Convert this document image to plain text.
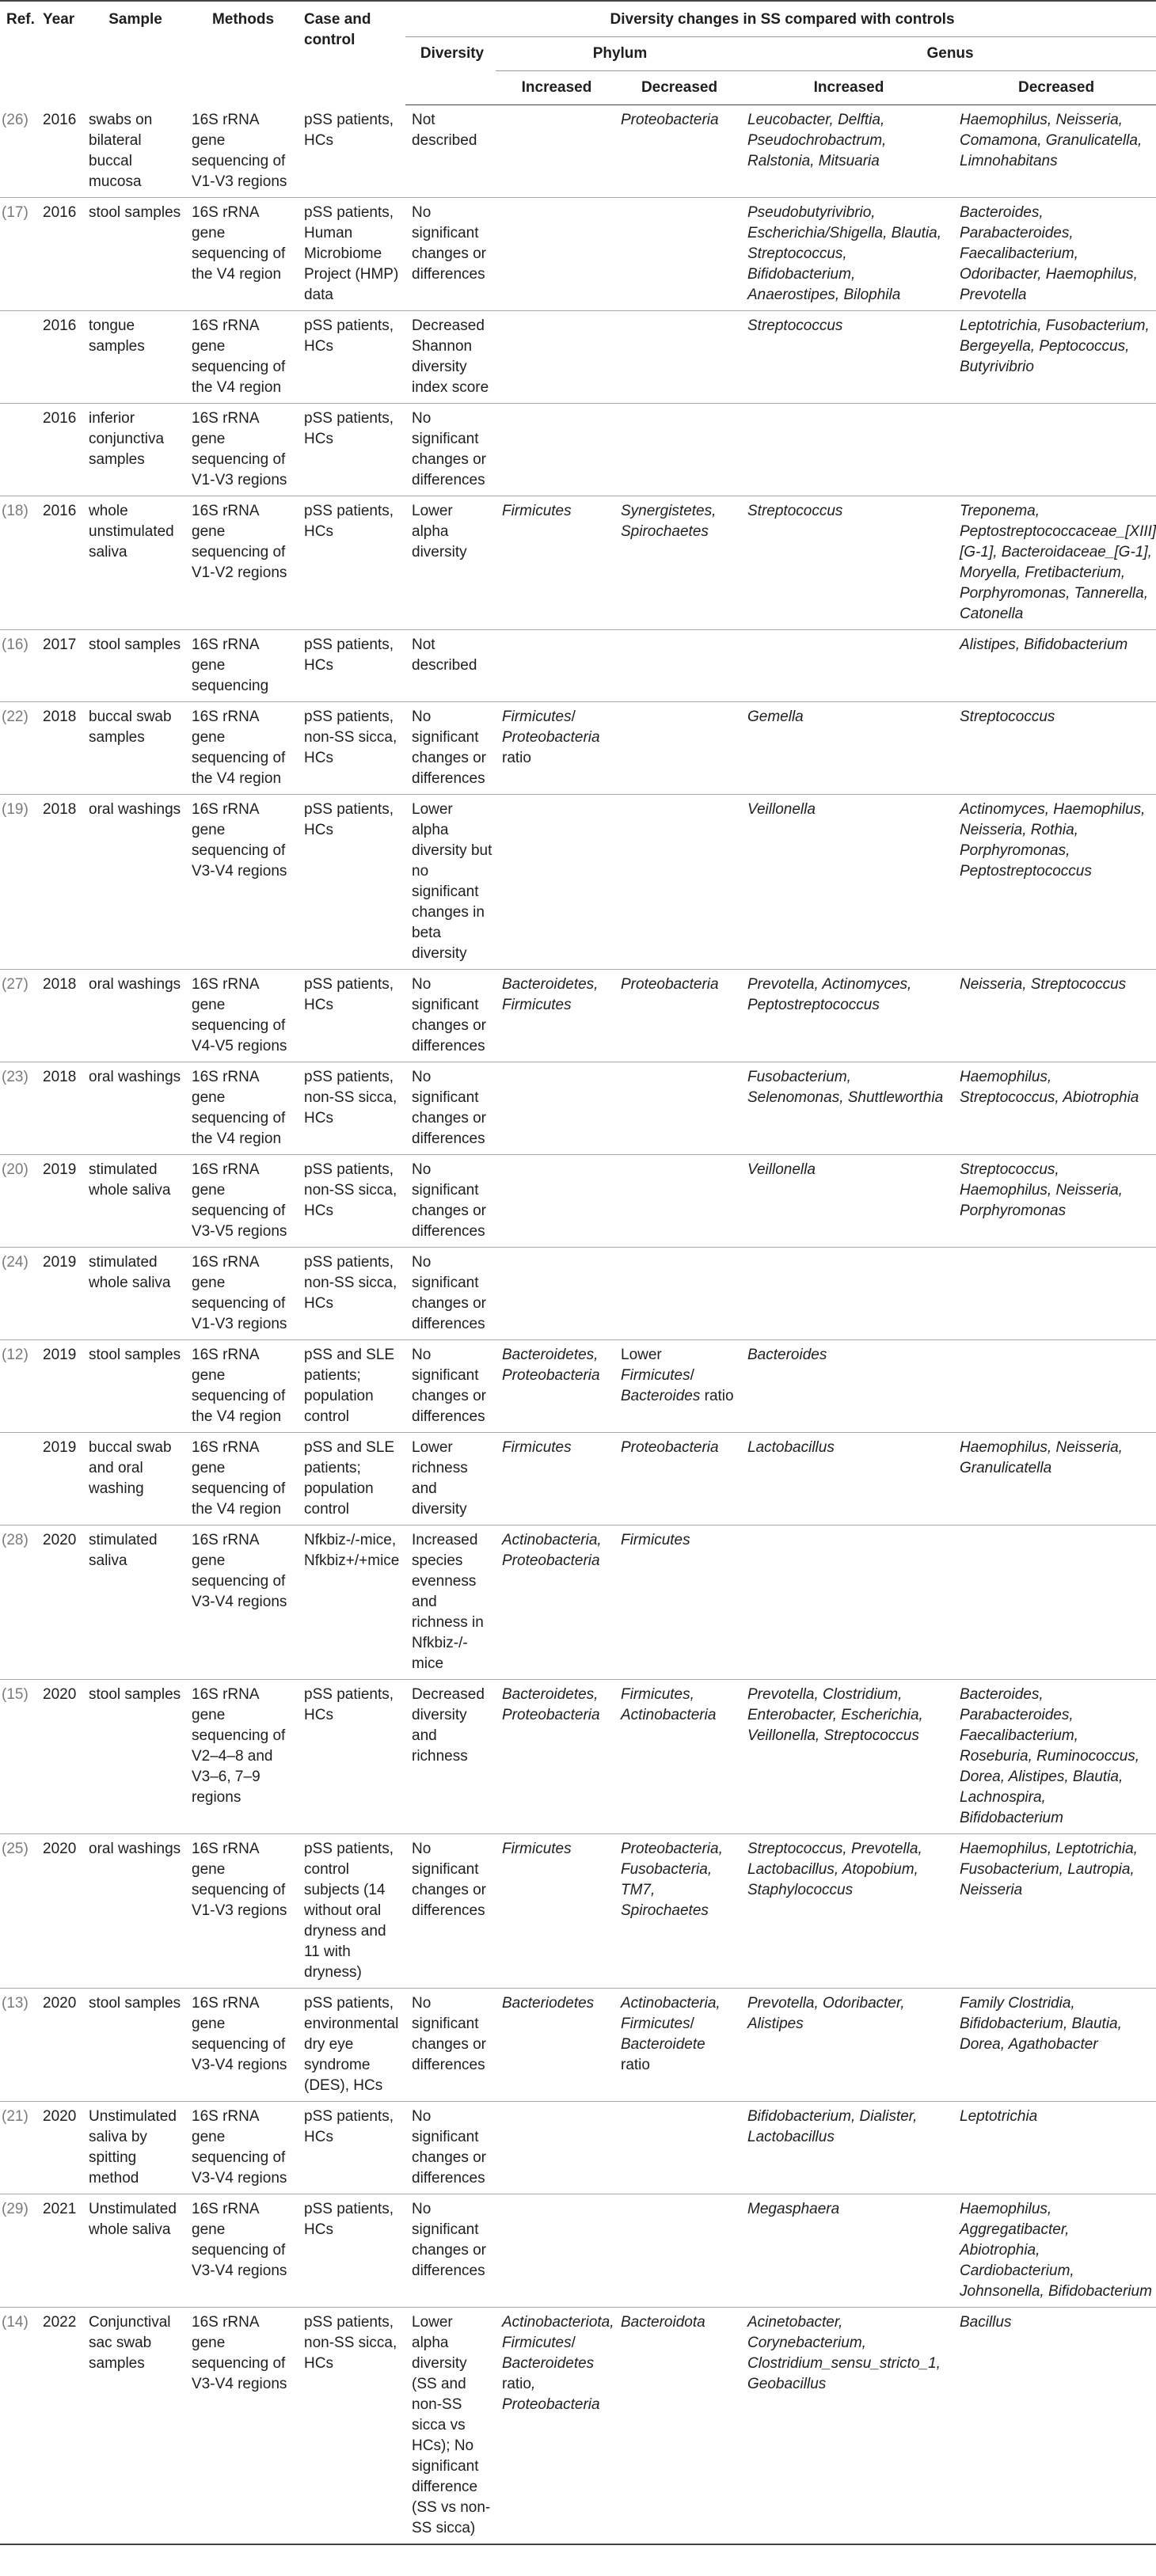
Ref.	Year	Sample	Methods	Case and control	Diversity changes in SS compared with controls				
					Diversity	Phylum		Genus	
						Increased	Decreased	Increased	Decreased
(26)	2016	swabs on bilateral buccal mucosa	16S rRNA gene sequencing of V1-V3 regions	pSS patients, HCs	Not described		Proteobacteria	Leucobacter, Delftia, Pseudochrobactrum, Ralstonia, Mitsuaria	Haemophilus, Neisseria, Comamona, Granulicatella, Limnohabitans
(17)	2016	stool samples	16S rRNA gene sequencing of the V4 region	pSS patients, Human Microbiome Project (HMP) data	No significant changes or differences			Pseudobutyrivibrio, Escherichia/Shigella, Blautia, Streptococcus, Bifidobacterium, Anaerostipes, Bilophila	Bacteroides, Parabacteroides, Faecalibacterium, Odoribacter, Haemophilus, Prevotella
	2016	tongue samples	16S rRNA gene sequencing of the V4 region	pSS patients, HCs	Decreased Shannon diversity index score			Streptococcus	Leptotrichia, Fusobacterium, Bergeyella, Peptococcus, Butyrivibrio
	2016	inferior conjunctiva samples	16S rRNA gene sequencing of V1-V3 regions	pSS patients, HCs	No significant changes or differences				
(18)	2016	whole unstimulated saliva	16S rRNA gene sequencing of V1-V2 regions	pSS patients, HCs	Lower alpha diversity	Firmicutes	Synergistetes, Spirochaetes	Streptococcus	Treponema, Peptostreptococcaceae_[XIII][G-1], Bacteroidaceae_[G-1], Moryella, Fretibacterium, Porphyromonas, Tannerella, Catonella
(16)	2017	stool samples	16S rRNA gene sequencing	pSS patients, HCs	Not described				Alistipes, Bifidobacterium
(22)	2018	buccal swab samples	16S rRNA gene sequencing of the V4 region	pSS patients, non-SS sicca, HCs	No significant changes or differences	Firmicutes/ Proteobacteria ratio		Gemella	Streptococcus
(19)	2018	oral washings	16S rRNA gene sequencing of V3-V4 regions	pSS patients, HCs	Lower alpha diversity but no significant changes in beta diversity			Veillonella	Actinomyces, Haemophilus, Neisseria, Rothia, Porphyromonas, Peptostreptococcus
(27)	2018	oral washings	16S rRNA gene sequencing of V4-V5 regions	pSS patients, HCs	No significant changes or differences	Bacteroidetes, Firmicutes	Proteobacteria	Prevotella, Actinomyces, Peptostreptococcus	Neisseria, Streptococcus
(23)	2018	oral washings	16S rRNA gene sequencing of the V4 region	pSS patients, non-SS sicca, HCs	No significant changes or differences			Fusobacterium, Selenomonas, Shuttleworthia	Haemophilus, Streptococcus, Abiotrophia
(20)	2019	stimulated whole saliva	16S rRNA gene sequencing of V3-V5 regions	pSS patients, non-SS sicca, HCs	No significant changes or differences			Veillonella	Streptococcus, Haemophilus, Neisseria, Porphyromonas
(24)	2019	stimulated whole saliva	16S rRNA gene sequencing of V1-V3 regions	pSS patients, non-SS sicca, HCs	No significant changes or differences				
(12)	2019	stool samples	16S rRNA gene sequencing of the V4 region	pSS and SLE patients; population control	No significant changes or differences	Bacteroidetes, Proteobacteria	Lower Firmicutes/ Bacteroides ratio	Bacteroides	
	2019	buccal swab and oral washing	16S rRNA gene sequencing of the V4 region	pSS and SLE patients; population control	Lower richness and diversity	Firmicutes	Proteobacteria	Lactobacillus	Haemophilus, Neisseria, Granulicatella
(28)	2020	stimulated saliva	16S rRNA gene sequencing of V3-V4 regions	Nfkbiz-/-mice, Nfkbiz+/+mice	Increased species evenness and richness in Nfkbiz-/- mice	Actinobacteria, Proteobacteria	Firmicutes		
(15)	2020	stool samples	16S rRNA gene sequencing of V2–4–8 and V3–6, 7–9 regions	pSS patients, HCs	Decreased diversity and richness	Bacteroidetes, Proteobacteria	Firmicutes, Actinobacteria	Prevotella, Clostridium, Enterobacter, Escherichia, Veillonella, Streptococcus	Bacteroides, Parabacteroides, Faecalibacterium, Roseburia, Ruminococcus, Dorea, Alistipes, Blautia, Lachnospira, Bifidobacterium
(25)	2020	oral washings	16S rRNA gene sequencing of V1-V3 regions	pSS patients, control subjects (14 without oral dryness and 11 with dryness)	No significant changes or differences	Firmicutes	Proteobacteria, Fusobacteria, TM7, Spirochaetes	Streptococcus, Prevotella, Lactobacillus, Atopobium, Staphylococcus	Haemophilus, Leptotrichia, Fusobacterium, Lautropia, Neisseria
(13)	2020	stool samples	16S rRNA gene sequencing of V3-V4 regions	pSS patients, environmental dry eye syndrome (DES), HCs	No significant changes or differences	Bacteriodetes	Actinobacteria, Firmicutes/ Bacteroidete ratio	Prevotella, Odoribacter, Alistipes	Family Clostridia, Bifidobacterium, Blautia, Dorea, Agathobacter
(21)	2020	Unstimulated saliva by spitting method	16S rRNA gene sequencing of V3-V4 regions	pSS patients, HCs	No significant changes or differences			Bifidobacterium, Dialister, Lactobacillus	Leptotrichia
(29)	2021	Unstimulated whole saliva	16S rRNA gene sequencing of V3-V4 regions	pSS patients, HCs	No significant changes or differences			Megasphaera	Haemophilus, Aggregatibacter, Abiotrophia, Cardiobacterium, Johnsonella, Bifidobacterium
(14)	2022	Conjunctival sac swab samples	16S rRNA gene sequencing of V3-V4 regions	pSS patients, non-SS sicca, HCs	Lower alpha diversity (SS and non-SS sicca vs HCs); No significant difference (SS vs non-SS sicca)	Actinobacteriota, Firmicutes/ Bacteroidetes ratio, Proteobacteria	Bacteroidota	Acinetobacter, Corynebacterium, Clostridium_sensu_stricto_1, Geobacillus	Bacillus
